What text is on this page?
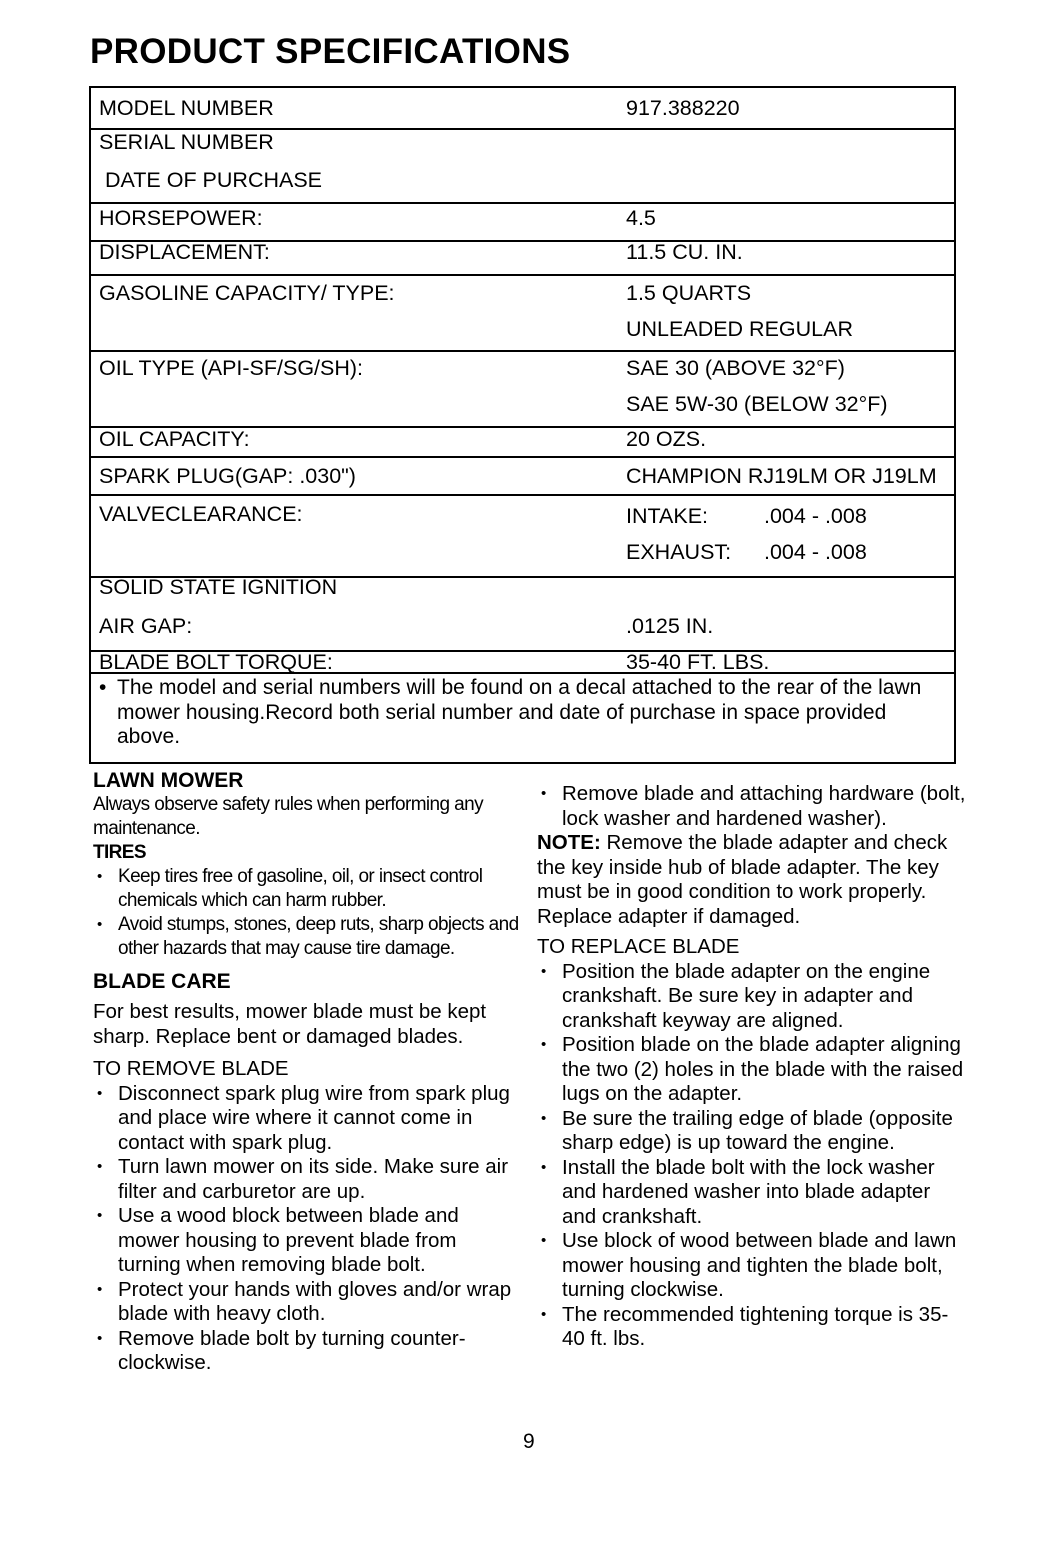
PRODUCT SPECIFICATIONS
MODEL NUMBER	917.388220
SERIAL NUMBER
DATE OF PURCHASE
HORSEPOWER:	4.5
DISPLACEMENT:	11.5 CU. IN.
GASOLINE CAPACITY/ TYPE:	1.5 QUARTS
UNLEADED REGULAR
OIL TYPE (API-SF/SG/SH):	SAE 30 (ABOVE 32°F)
SAE 5W-30 (BELOW 32°F)
OIL CAPACITY:	20 OZS.
SPARK PLUG(GAP: .030")	CHAMPION RJ19LM OR J19LM
VALVECLEARANCE:	INTAKE:	.004 - .008
EXHAUST: .004 - .008
SOLID STATE IGNITION
AIR GAP:	.0125 IN.
BLADE BOLT TORQUE:	35-40 FT. LBS.
• The model and serial numbers will be found on a decal attached to the rear of the lawn mower housing.Record both serial number and date of purchase in space provided above.
LAWN MOWER

Always observe safety rules when performing any maintenance.

TIRES
• Keep tires free of gasoline, oil, or insect control chemicals which can harm rubber.
• Avoid stumps, stones, deep ruts, sharp objects and other hazards that may cause tire damage.
BLADE CARE

For best results, mower blade must be kept sharp. Replace bent or damaged blades.

TO REMOVE BLADE

• Disconnect spark plug wire from spark plug and place wire where it cannot come in contact with spark plug.
• Turn lawn mower on its side. Make sure air filter and carburetor are up.
• Use a wood block between blade and mower housing to prevent blade from turning when removing blade bolt.
• Protect your hands with gloves and/or wrap blade with heavy cloth.
• Remove blade bolt by turning counter-clockwise.
• Remove blade and attaching hardware (bolt, lock washer and hardened washer).

NOTE: Remove the blade adapter and check the key inside hub of blade adapter. The key must be in good condition to work properly. Replace adapter if damaged.

TO REPLACE BLADE

• Position the blade adapter on the engine crankshaft. Be sure key in adapter and crankshaft keyway are aligned.
• Position blade on the blade adapter aligning the two (2) holes in the blade with the raised lugs on the adapter.
• Be sure the trailing edge of blade (opposite sharp edge) is up toward the engine.
• Install the blade bolt with the lock washer and hardened washer into blade adapter and crankshaft.
• Use block of wood between blade and lawn mower housing and tighten the blade bolt, turning clockwise.
• The recommended tightening torque is 35-40 ft. lbs.
9
